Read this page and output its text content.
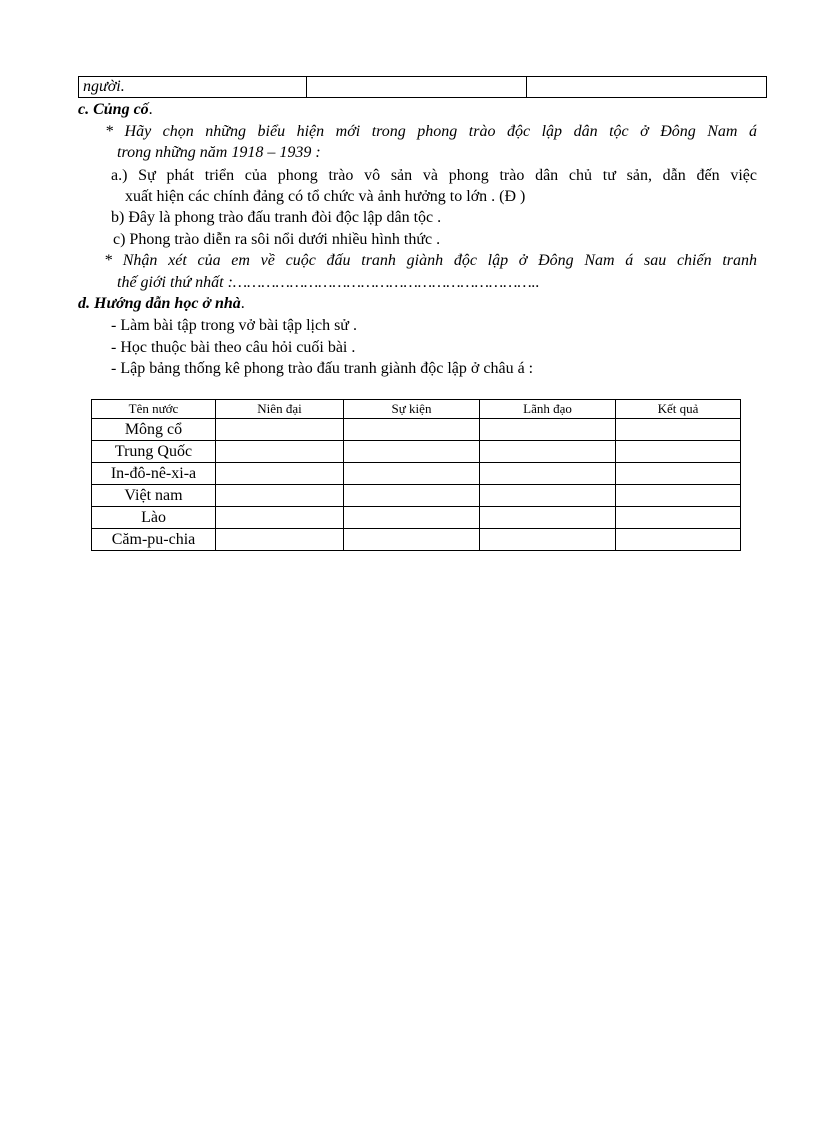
người.		
c. Củng cố.
* Hãy chọn những biểu hiện mới trong phong trào độc lập dân tộc ở Đông Nam á
trong những năm 1918 – 1939 :
a.) Sự phát triển của phong trào vô sản và phong trào dân chủ tư sản, dẫn đến việc
xuất hiện các chính đảng có tổ chức và ảnh hưởng to lớn . (Đ )
b) Đây là phong trào đấu tranh đòi độc lập dân tộc .
c) Phong trào diễn ra sôi nổi dưới nhiều hình thức .
* Nhận xét của em về cuộc đấu tranh giành độc lập ở Đông Nam á sau chiến tranh
thế giới thứ nhất :………………………………………………………..
d. Hướng dẫn học ở nhà.
- Làm bài tập trong vở bài tập lịch sử .
- Học thuộc bài theo câu hỏi cuối bài .
- Lập bảng thống kê phong trào đấu tranh giành độc lập ở châu á :
Tên nước	Niên đại	Sự kiện	Lãnh đạo	Kết quả
Mông cổ				
Trung Quốc				
In-đô-nê-xi-a				
Việt nam				
Lào				
Căm-pu-chia				
